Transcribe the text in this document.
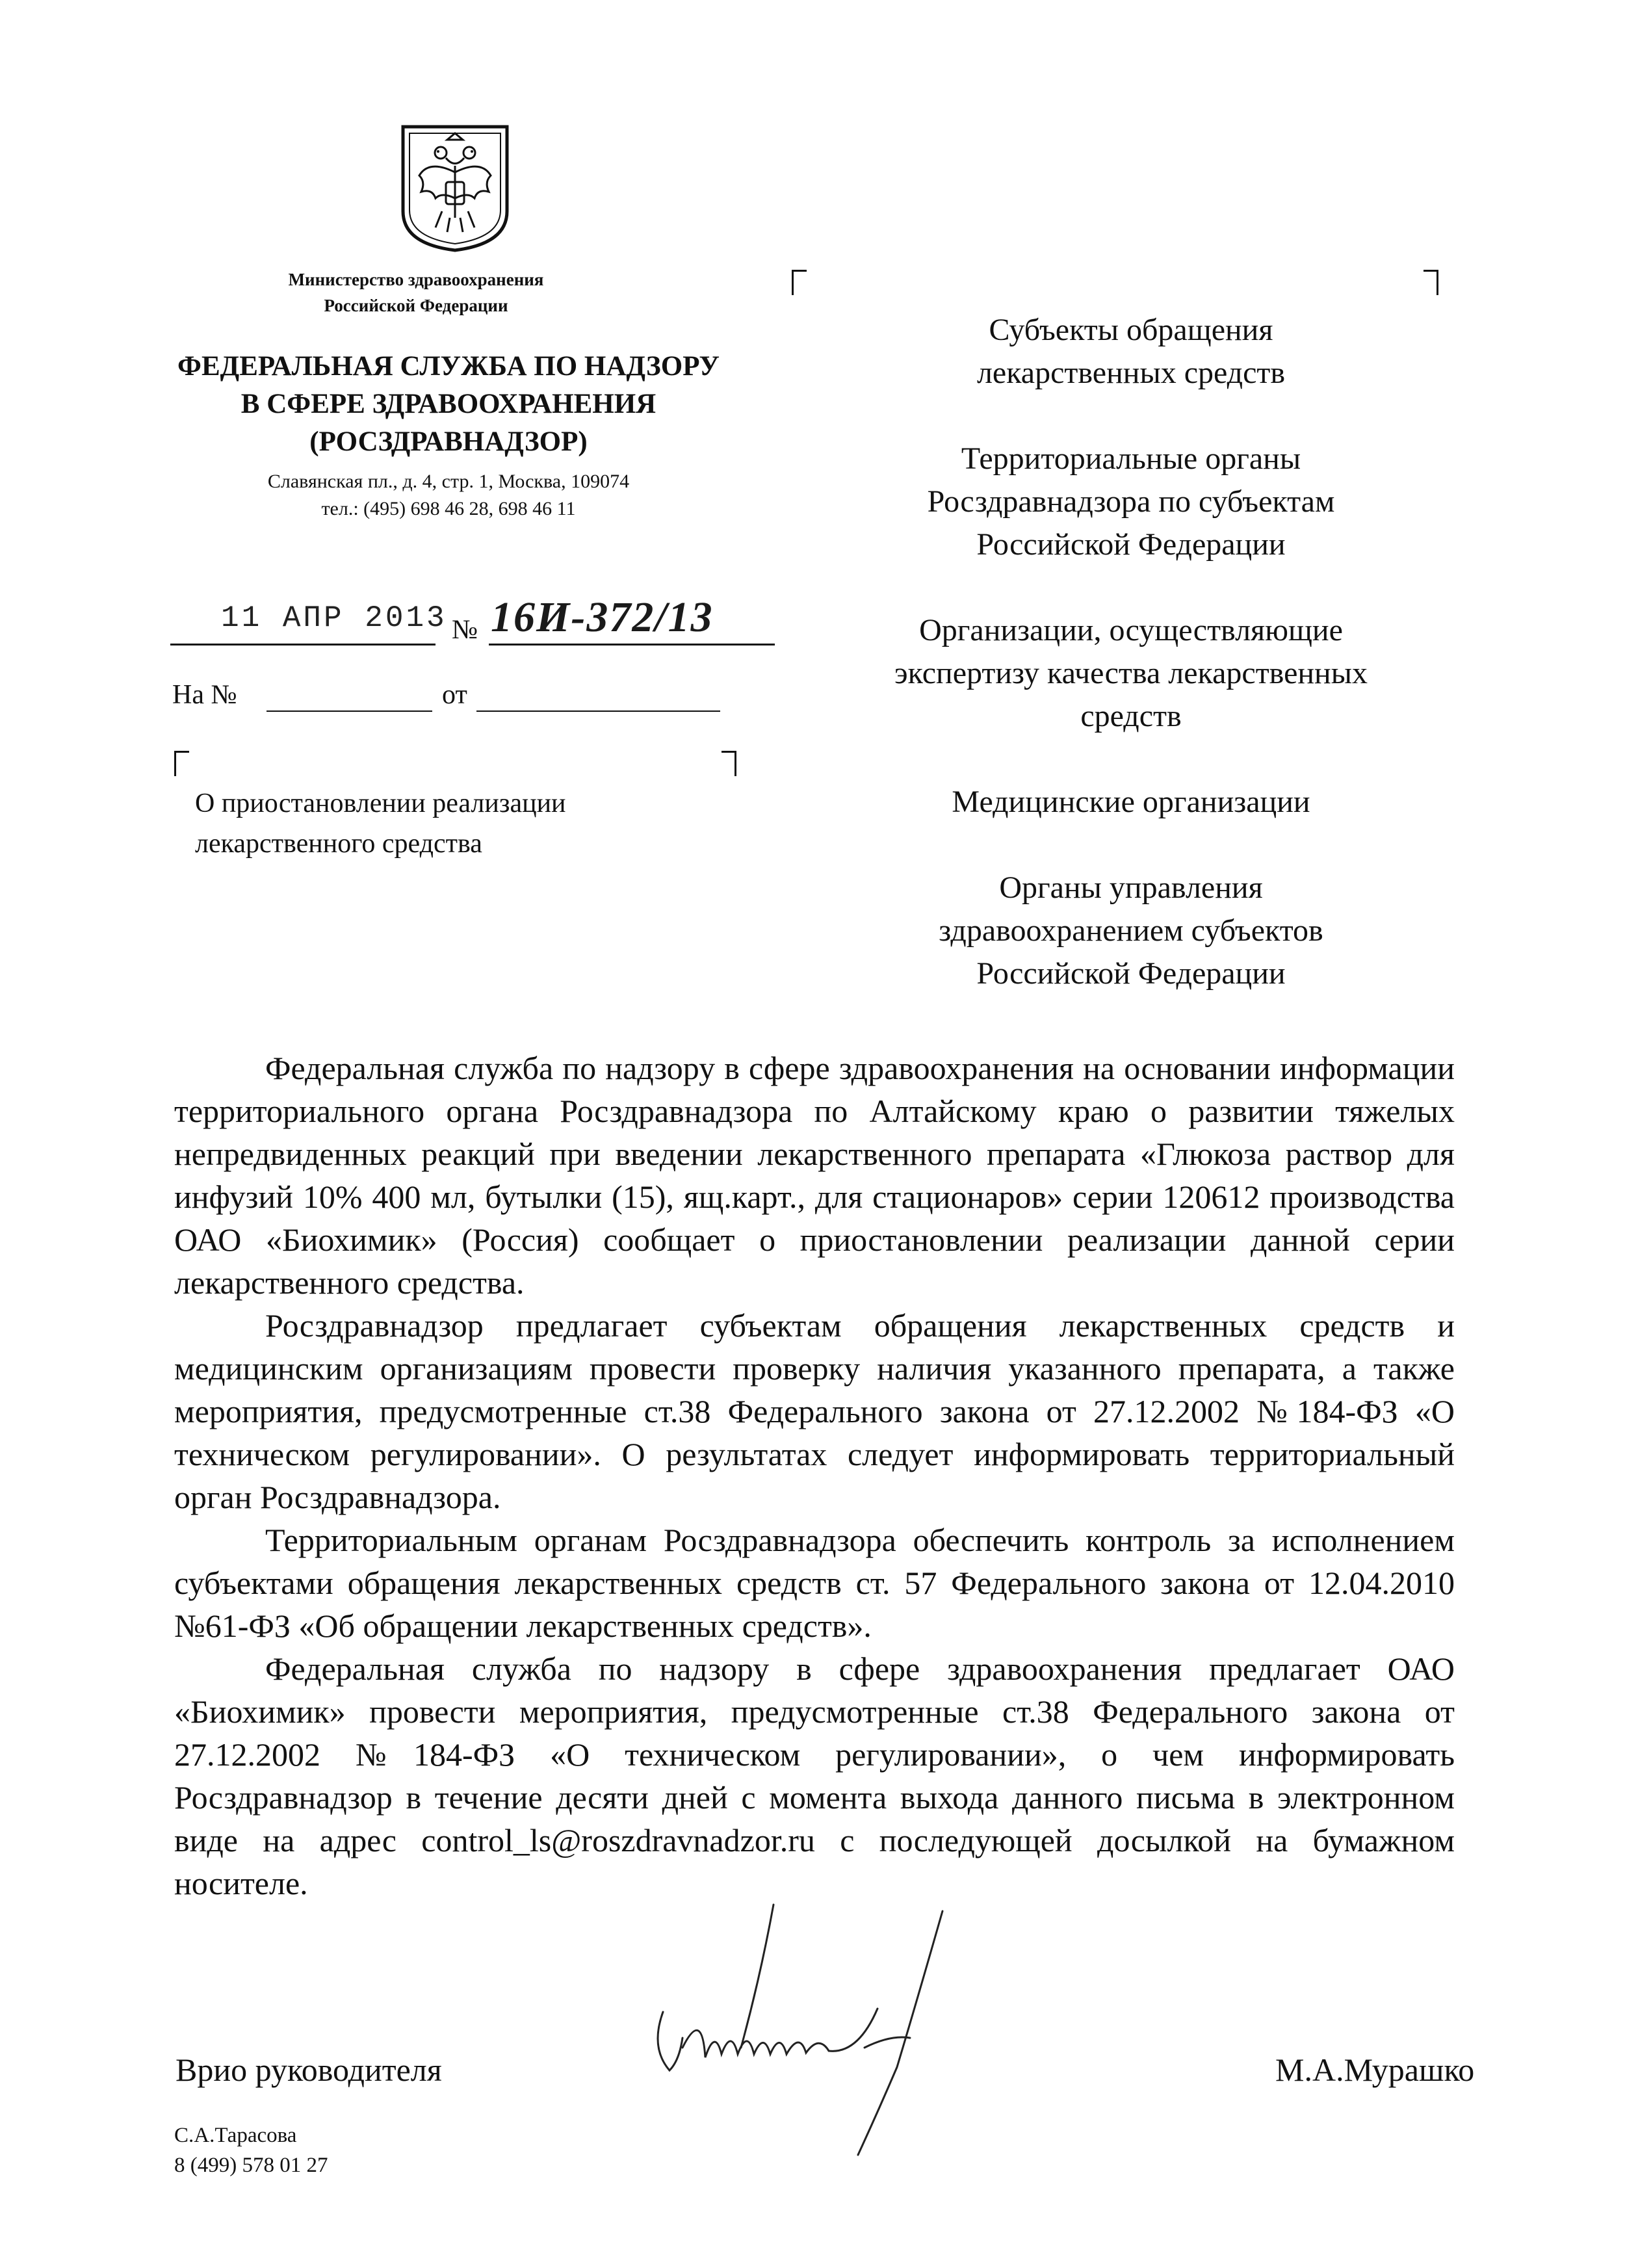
Министерство здравоохранения
Российской Федерации
ФЕДЕРАЛЬНАЯ СЛУЖБА ПО НАДЗОРУ
В СФЕРЕ ЗДРАВООХРАНЕНИЯ
(РОСЗДРАВНАДЗОР)
Славянская пл., д. 4, стр. 1, Москва, 109074
тел.: (495) 698 46 28, 698 46 11
11 АПР 2013 № 16И-372/13
На №	от
О приостановлении реализации
лекарственного средства

Субъекты обращения
лекарственных средств

Территориальные органы
Росздравнадзора по субъектам
Российской Федерации

Организации, осуществляющие
экспертизу качества лекарственных
средств

Медицинские организации

Органы управления
здравоохранением субъектов
Российской Федерации

Федеральная служба по надзору в сфере здравоохранения на основании информации территориального органа Росздравнадзора по Алтайскому краю о развитии тяжелых непредвиденных реакций при введении лекарственного препарата «Глюкоза раствор для инфузий 10% 400 мл, бутылки (15), ящ.карт., для стационаров» серии 120612 производства ОАО «Биохимик» (Россия) сообщает о приостановлении реализации данной серии лекарственного средства.

Росздравнадзор предлагает субъектам обращения лекарственных средств и медицинским организациям провести проверку наличия указанного препарата, а также мероприятия, предусмотренные ст.38 Федерального закона от 27.12.2002 №184-ФЗ «О техническом регулировании». О результатах следует информировать территориальный орган Росздравнадзора.

Территориальным органам Росздравнадзора обеспечить контроль за исполнением субъектами обращения лекарственных средств ст. 57 Федерального закона от 12.04.2010 №61-ФЗ «Об обращении лекарственных средств».

Федеральная служба по надзору в сфере здравоохранения предлагает ОАО «Биохимик» провести мероприятия, предусмотренные ст.38 Федерального закона от 27.12.2002 №184-ФЗ «О техническом регулировании», о чем информировать Росздравнадзор в течение десяти дней с момента выхода данного письма в электронном виде на адрес control_ls@roszdravnadzor.ru с последующей досылкой на бумажном носителе.

Врио руководителя	М.А.Мурашко
С.А.Тарасова
8 (499) 578 01 27
